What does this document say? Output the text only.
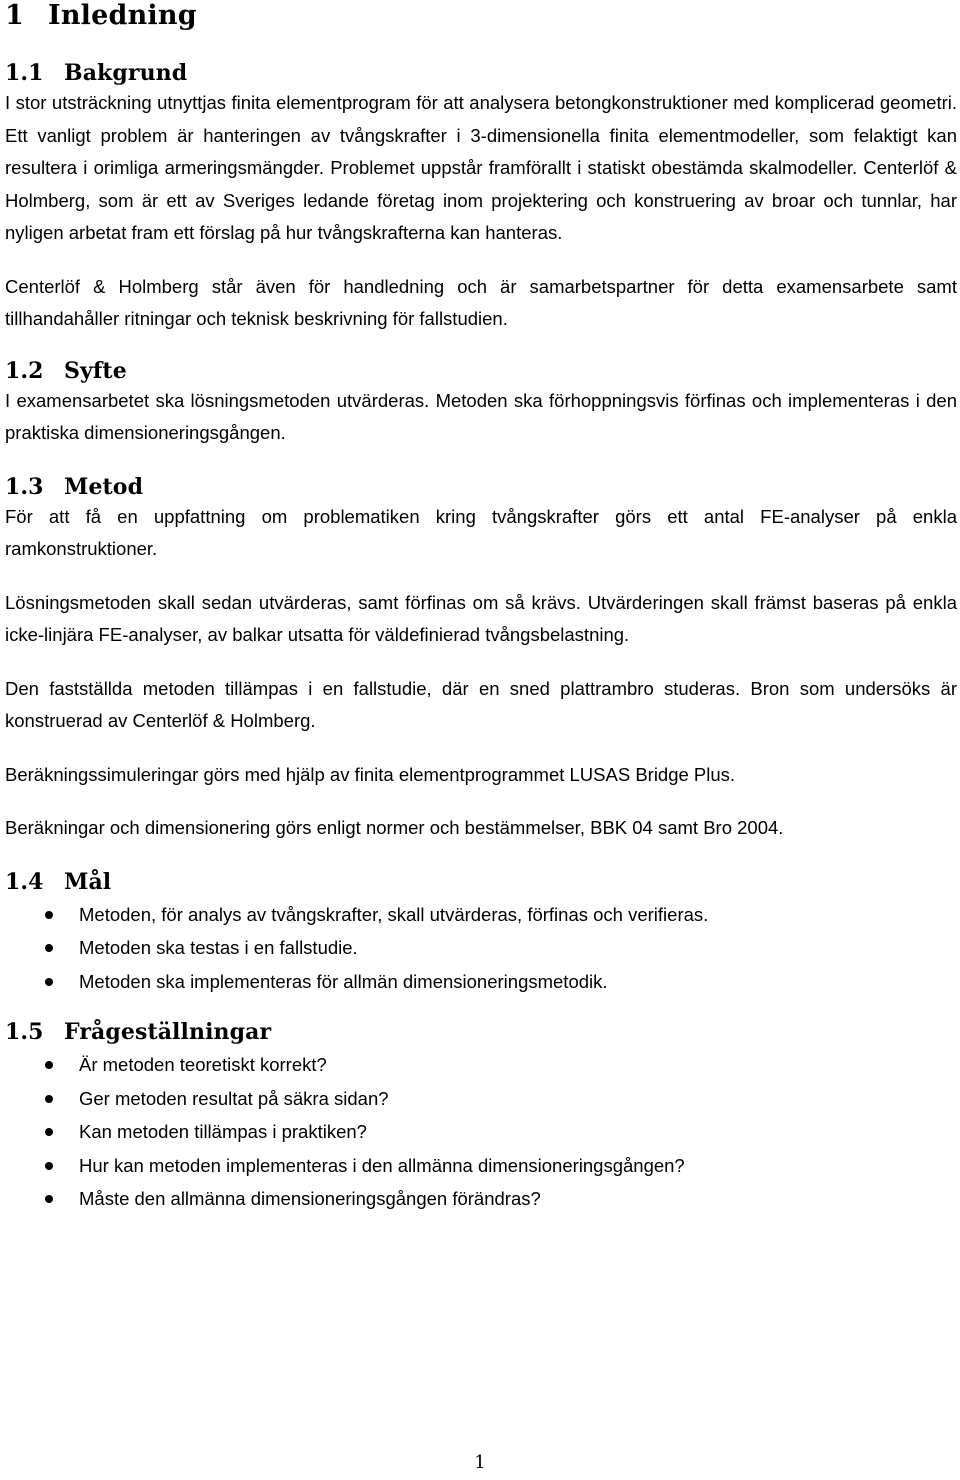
1 Inledning
1.1 Bakgrund

I stor utsträckning utnyttjas finita elementprogram för att analysera betongkonstruktioner med komplicerad geometri. Ett vanligt problem är hanteringen av tvångskrafter i 3-dimensionella finita elementmodeller, som felaktigt kan resultera i orimliga armeringsmängder. Problemet uppstår framförallt i statiskt obestämda skalmodeller. Centerlöf & Holmberg, som är ett av Sveriges ledande företag inom projektering och konstruering av broar och tunnlar, har nyligen arbetat fram ett förslag på hur tvångskrafterna kan hanteras.

Centerlöf & Holmberg står även för handledning och är samarbetspartner för detta examensarbete samt tillhandahåller ritningar och teknisk beskrivning för fallstudien.

1.2 Syfte

I examensarbetet ska lösningsmetoden utvärderas. Metoden ska förhoppningsvis förfinas och implementeras i den praktiska dimensioneringsgången.

1.3 Metod

För att få en uppfattning om problematiken kring tvångskrafter görs ett antal FE-analyser på enkla ramkonstruktioner.

Lösningsmetoden skall sedan utvärderas, samt förfinas om så krävs. Utvärderingen skall främst baseras på enkla icke-linjära FE-analyser, av balkar utsatta för väldefinierad tvångsbelastning.

Den fastställda metoden tillämpas i en fallstudie, där en sned plattrambro studeras. Bron som undersöks är konstruerad av Centerlöf & Holmberg.

Beräkningssimuleringar görs med hjälp av finita elementprogrammet LUSAS Bridge Plus.

Beräkningar och dimensionering görs enligt normer och bestämmelser, BBK 04 samt Bro 2004.

1.4 Mål
Metoden, för analys av tvångskrafter, skall utvärderas, förfinas och verifieras.
Metoden ska testas i en fallstudie.
Metoden ska implementeras för allmän dimensioneringsmetodik.
1.5 Frågeställningar
Är metoden teoretiskt korrekt?
Ger metoden resultat på säkra sidan?
Kan metoden tillämpas i praktiken?
Hur kan metoden implementeras i den allmänna dimensioneringsgången?
Måste den allmänna dimensioneringsgången förändras?
1
